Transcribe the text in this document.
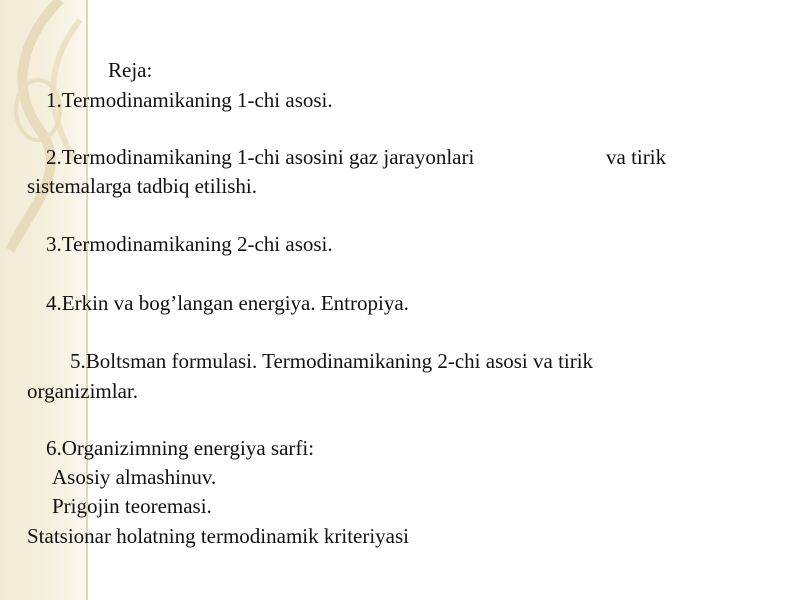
Reja:
1.Termodinamikaning 1-chi asosi.
2.Termodinamikaning 1-chi asosini gaz jarayonlari	va tirik
sistemalarga tadbiq etilishi.
3.Termodinamikaning 2-chi asosi.
4.Erkin va bog’langan energiya. Entropiya.
5.Boltsman formulasi. Termodinamikaning 2-chi asosi va tirik
organizimlar.
6.Organizimning energiya sarfi:
Asosiy almashinuv.
Prigojin teoremasi.
Statsionar holatning termodinamik kriteriyasi
